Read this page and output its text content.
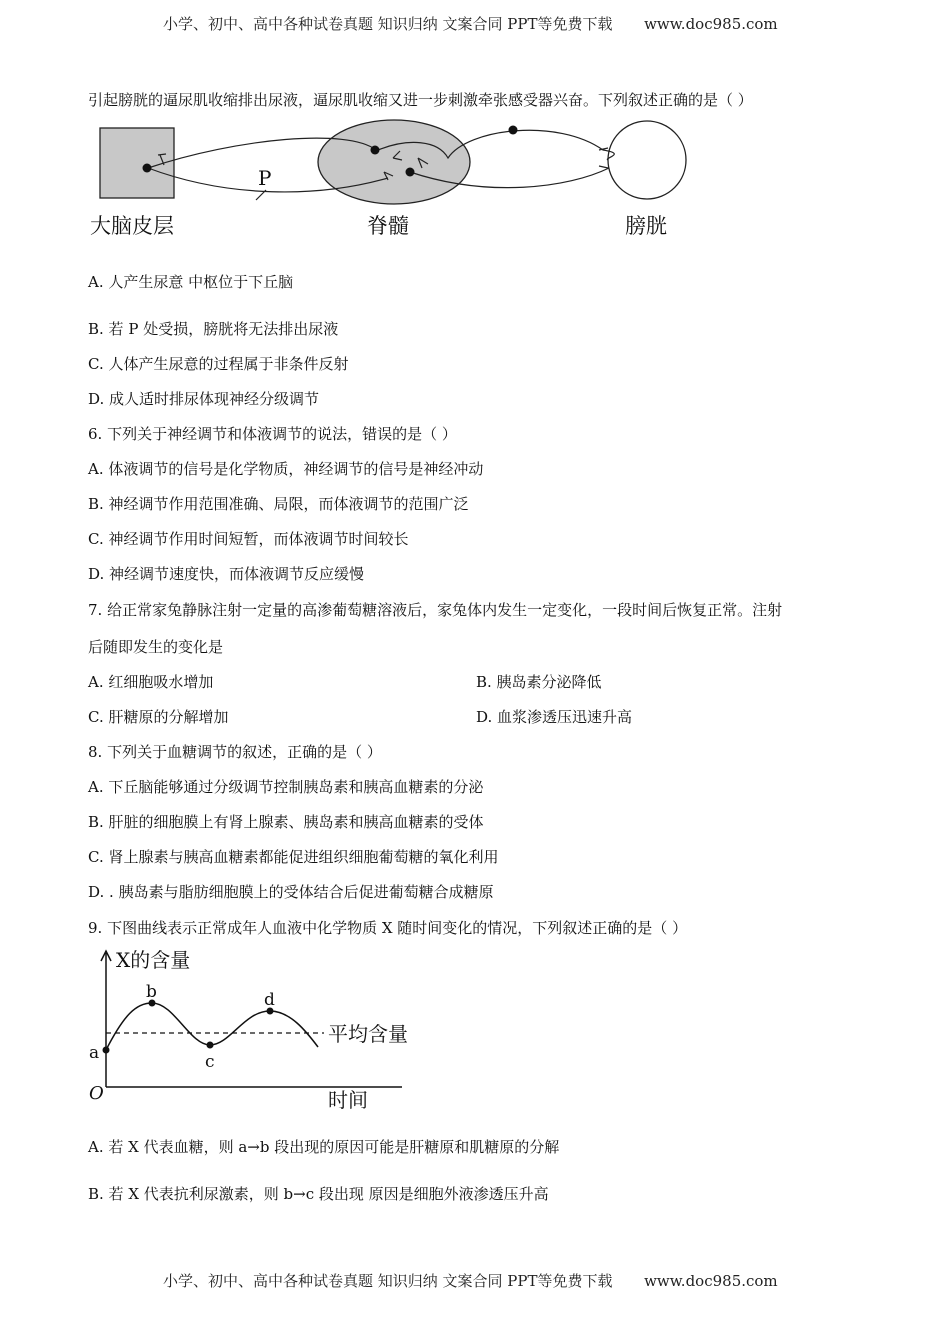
小学、初中、高中各种试卷真题 知识归纳 文案合同 PPT等免费下载 www.doc985.com
引起膀胱的逼尿肌收缩排出尿液，逼尿肌收缩又进一步刺激牵张感受器兴奋。下列叙述正确的是（ ）
P
大脑皮层	脊髓	膀胱
A. 人产生尿意 中枢位于下丘脑
B. 若 P 处受损，膀胱将无法排出尿液
C. 人体产生尿意的过程属于非条件反射
D. 成人适时排尿体现神经分级调节
6. 下列关于神经调节和体液调节的说法，错误的是（ ）
A. 体液调节的信号是化学物质，神经调节的信号是神经冲动
B. 神经调节作用范围准确、局限，而体液调节的范围广泛
C. 神经调节作用时间短暂，而体液调节时间较长
D. 神经调节速度快，而体液调节反应缓慢
7. 给正常家兔静脉注射一定量的高渗葡萄糖溶液后，家兔体内发生一定变化，一段时间后恢复正常。注射
后随即发生的变化是
A. 红细胞吸水增加	B. 胰岛素分泌降低
C. 肝糖原的分解增加	D. 血浆渗透压迅速升高
8. 下列关于血糖调节的叙述，正确的是（ ）
A. 下丘脑能够通过分级调节控制胰岛素和胰高血糖素的分泌
B. 肝脏的细胞膜上有肾上腺素、胰岛素和胰高血糖素的受体
C. 肾上腺素与胰高血糖素都能促进组织细胞葡萄糖的氧化利用
D. . 胰岛素与脂肪细胞膜上的受体结合后促进葡萄糖合成糖原
9. 下图曲线表示正常成年人血液中化学物质 X 随时间变化的情况，下列叙述正确的是（ ）
a
b
c
d
O
X的含量
时间
平均含量
A. 若 X 代表血糖，则 a→b 段出现的原因可能是肝糖原和肌糖原的分解
B. 若 X 代表抗利尿激素，则 b→c 段出现 原因是细胞外液渗透压升高
小学、初中、高中各种试卷真题 知识归纳 文案合同 PPT等免费下载 www.doc985.com
